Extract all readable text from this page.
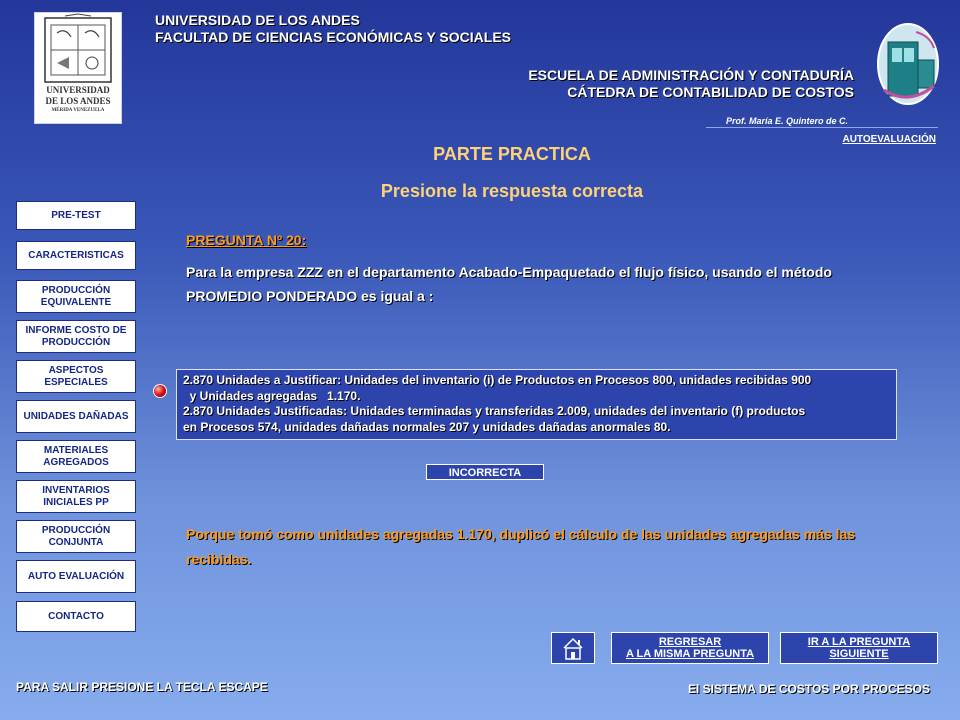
UNIVERSIDAD
DE LOS ANDES
MÉRIDA VENEZUELA
UNIVERSIDAD DE LOS ANDES
FACULTAD DE CIENCIAS ECONÓMICAS Y SOCIALES
ESCUELA DE ADMINISTRACIÓN Y CONTADURÍA
CÁTEDRA DE CONTABILIDAD DE COSTOS
Prof. María E. Quintero de C.
AUTOEVALUACIÓN
PARTE PRACTICA
Presione la respuesta correcta
PRE-TEST
CARACTERISTICAS
PRODUCCIÓN EQUIVALENTE
INFORME COSTO DE PRODUCCIÓN
ASPECTOS ESPECIALES
UNIDADES DAÑADAS
MATERIALES AGREGADOS
INVENTARIOS INICIALES PP
PRODUCCIÓN CONJUNTA
AUTO EVALUACIÓN
CONTACTO
PREGUNTA Nº 20:
Para la empresa ZZZ en el departamento Acabado-Empaquetado el flujo físico, usando el método PROMEDIO PONDERADO es igual a :
2.870 Unidades a Justificar: Unidades del inventario (i) de Productos en Procesos 800, unidades recibidas 900
y Unidades agregadas   1.170.
2.870 Unidades Justificadas: Unidades terminadas y transferidas 2.009, unidades del inventario (f) productos
en Procesos 574, unidades dañadas normales 207 y unidades dañadas anormales 80.
INCORRECTA
Porque tomó como unidades agregadas 1.170, duplicó el cálculo de las unidades agregadas más las recibidas.
REGRESAR
A LA MISMA PREGUNTA
IR A LA PREGUNTA
SIGUIENTE
PARA SALIR PRESIONE LA TECLA ESCAPE	El SISTEMA DE COSTOS POR PROCESOS
